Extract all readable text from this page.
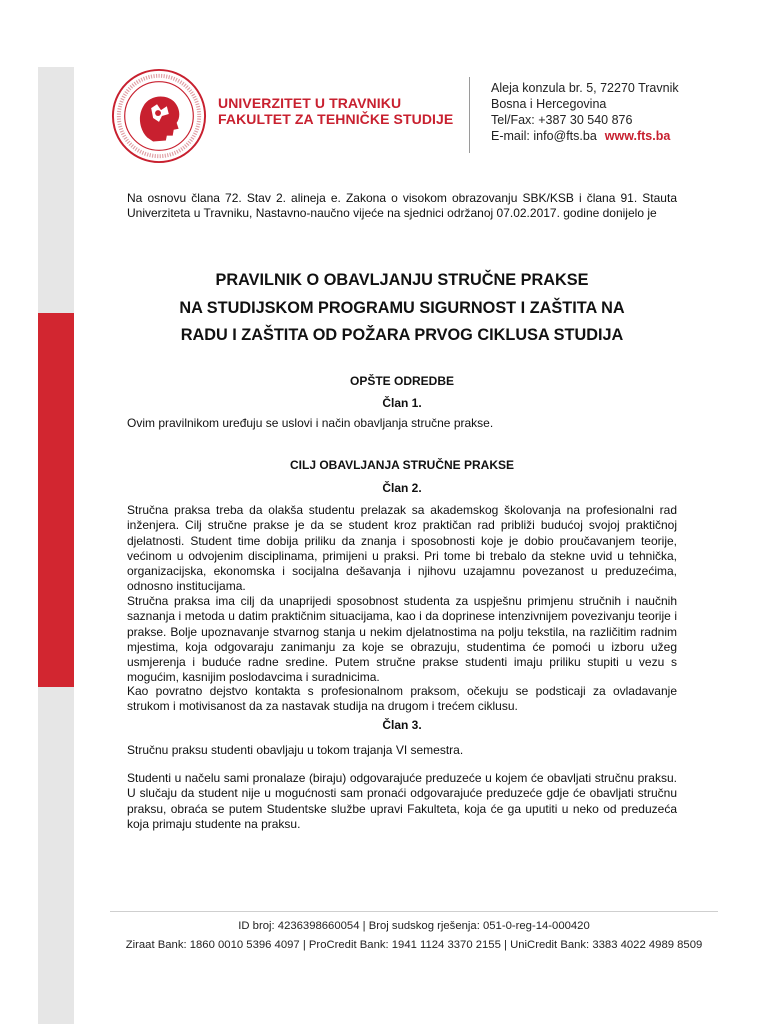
UNIVERZITET U TRAVNIKU
FAKULTET ZA TEHNIČKE STUDIJE
Aleja konzula br. 5, 72270 Travnik
Bosna i Hercegovina
Tel/Fax: +387 30 540 876
E-mail: info@fts.ba www.fts.ba
Na osnovu člana 72. Stav 2. alineja e. Zakona o visokom obrazovanju SBK/KSB i člana 91. Stauta Univerziteta u Travniku, Nastavno-naučno vijeće na sjednici održanoj 07.02.2017. godine donijelo je
PRAVILNIK O OBAVLJANJU STRUČNE PRAKSE
NA STUDIJSKOM PROGRAMU SIGURNOST I ZAŠTITA NA
RADU I ZAŠTITA OD POŽARA PRVOG CIKLUSA STUDIJA
OPŠTE ODREDBE
Član 1.
Ovim pravilnikom uređuju se uslovi i način obavljanja stručne prakse.
CILJ OBAVLJANJA STRUČNE PRAKSE
Član 2.
Stručna praksa treba da olakša studentu prelazak sa akademskog školovanja na profesionalni rad inženjera. Cilj stručne prakse je da se student kroz praktičan rad približi budućoj svojoj praktičnoj djelatnosti. Student time dobija priliku da znanja i sposobnosti koje je dobio proučavanjem teorije, većinom u odvojenim disciplinama, primijeni u praksi. Pri tome bi trebalo da stekne uvid u tehnička, organizacijska, ekonomska i socijalna dešavanja i njihovu uzajamnu povezanost u preduzećima, odnosno institucijama.
Stručna praksa ima cilj da unaprijedi sposobnost studenta za uspješnu primjenu stručnih i naučnih saznanja i metoda u datim praktičnim situacijama, kao i da doprinese intenzivnijem povezivanju teorije i prakse. Bolje upoznavanje stvarnog stanja u nekim djelatnostima na polju tekstila, na različitim radnim mjestima, koja odgovaraju zanimanju za koje se obrazuju, studentima će pomoći u izboru užeg usmjerenja i buduće radne sredine. Putem stručne prakse studenti imaju priliku stupiti u vezu s mogućim, kasnijim poslodavcima i suradnicima.
Kao povratno dejstvo kontakta s profesionalnom praksom, očekuju se podsticaji za ovladavanje strukom i motivisanost da za nastavak studija na drugom i trećem ciklusu.
Član 3.
Stručnu praksu studenti obavljaju u tokom trajanja VI semestra.
Studenti u načelu sami pronalaze (biraju) odgovarajuće preduzeće u kojem će obavljati stručnu praksu. U slučaju da student nije u mogućnosti sam pronaći odgovarajuće preduzeće gdje će obavljati stručnu praksu, obraća se putem Studentske službe upravi Fakulteta, koja će ga uputiti u neko od preduzeća koja primaju studente na praksu.
ID broj: 4236398660054 | Broj sudskog rješenja: 051-0-reg-14-000420
Ziraat Bank: 1860 0010 5396 4097 | ProCredit Bank: 1941 1124 3370 2155 | UniCredit Bank: 3383 4022 4989 8509
